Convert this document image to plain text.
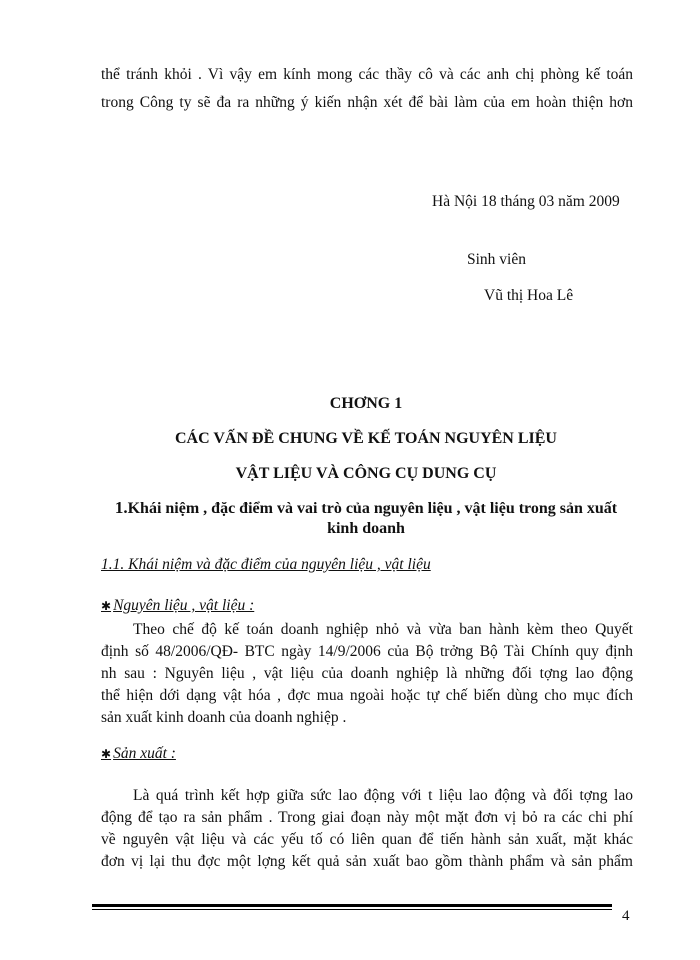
thể tránh khỏi . Vì vậy em kính mong các thầy cô và các anh chị phòng kế toán
trong Công ty sẽ đa ra những ý kiến nhận xét để bài làm của em hoàn thiện hơn
Hà Nội 18 tháng 03 năm 2009
Sinh viên
Vũ thị Hoa Lê
CHƠNG 1
CÁC VẤN ĐỀ CHUNG VỀ KẾ TOÁN NGUYÊN LIỆU
VẬT LIỆU VÀ CÔNG CỤ DUNG CỤ
1.Khái niệm , đặc điểm và vai trò của nguyên liệu , vật liệu trong sản xuất
kinh doanh
1.1. Khái niệm và đặc điểm của nguyên liệu , vật liệu
✱ Nguyên liệu , vật liệu :
Theo chế độ kế toán doanh nghiệp nhỏ và vừa ban hành kèm theo Quyết
định số 48/2006/QĐ- BTC ngày 14/9/2006 của Bộ trởng Bộ Tài Chính quy định
nh sau : Nguyên liệu , vật liệu của doanh nghiệp là những đối tợng lao động
thể hiện dới dạng vật hóa , đợc mua ngoài hoặc tự chế biến dùng cho mục đích
sản xuất kinh doanh của doanh nghiệp .
✱ Sản xuất :
Là quá trình kết hợp giữa sức lao động với t liệu lao động và đối tợng lao
động để tạo ra sản phẩm . Trong giai đoạn này một mặt đơn vị bỏ ra các chi phí
về nguyên vật liệu và các yếu tố có liên quan để tiến hành sản xuất, mặt khác
đơn vị lại thu đợc một lợng kết quả sản xuất bao gồm thành phẩm và sản phẩm
4
